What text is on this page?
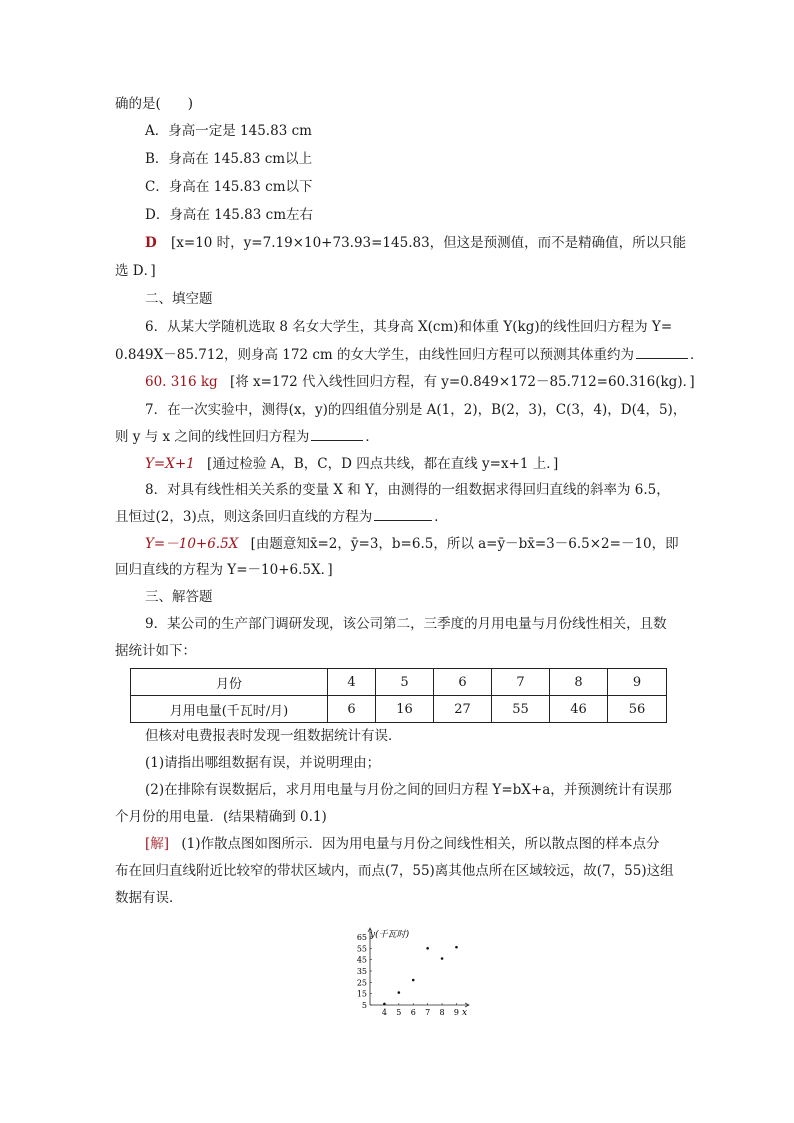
确的是(　　)
A．身高一定是 145.83 cm
B．身高在 145.83 cm以上
C．身高在 145.83 cm以下
D．身高在 145.83 cm左右
D [x=10 时，y=7.19×10+73.93=145.83，但这是预测值，而不是精确值，所以只能
选 D．]
二、填空题
6．从某大学随机选取 8 名女大学生，其身高 X(cm)和体重 Y(kg)的线性回归方程为 Y=
0.849X－85.712，则身高 172 cm 的女大学生，由线性回归方程可以预测其体重约为	．
60. 316 kg [将 x=172 代入线性回归方程，有 y=0.849×172－85.712=60.316(kg)．]
7．在一次实验中，测得(x，y)的四组值分别是 A(1，2)，B(2，3)，C(3，4)，D(4，5)，
则 y 与 x 之间的线性回归方程为	．
Y=X+1 [通过检验 A，B，C，D 四点共线，都在直线 y=x+1 上．]
8．对具有线性相关关系的变量 X 和 Y，由测得的一组数据求得回归直线的斜率为 6.5，
且恒过(2，3)点，则这条回归直线的方程为	．
Y=－10+6.5X [由题意知x̄=2，ȳ=3，b=6.5，所以 a=ȳ－bx̄=3－6.5×2=－10，即
回归直线的方程为 Y=－10+6.5X．]
三、解答题
9．某公司的生产部门调研发现，该公司第二，三季度的月用电量与月份线性相关，且数
据统计如下：
月份	4	5	6	7	8	9
月用电量(千瓦时/月)	6	16	27	55	46	56
但核对电费报表时发现一组数据统计有误．
(1)请指出哪组数据有误，并说明理由；
(2)在排除有误数据后，求月用电量与月份之间的回归方程 Y=bX+a，并预测统计有误那
个月份的用电量．(结果精确到 0.1)
[解] (1)作散点图如图所示．因为用电量与月份之间线性相关，所以散点图的样本点分
布在回归直线附近比较窄的带状区域内，而点(7，55)离其他点所在区域较远，故(7，55)这组
数据有误．
5
15
25
35
45
55
65
4 5 6 7 8 9
y(千瓦时)
x
